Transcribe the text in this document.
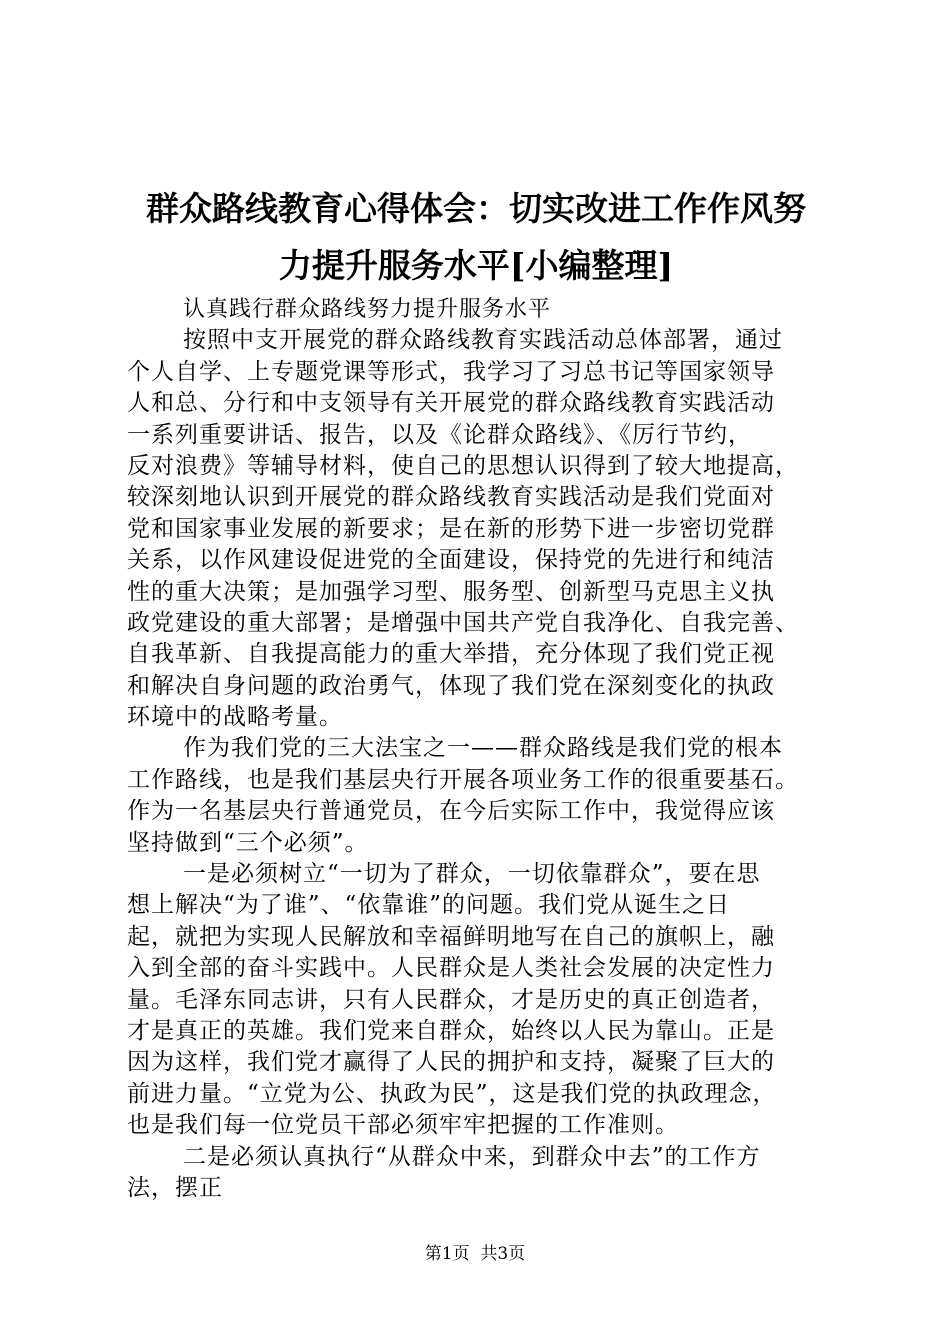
群众路线教育心得体会：切实改进工作作风努
力提升服务水平[小编整理]
认真践行群众路线努力提升服务水平
按照中支开展党的群众路线教育实践活动总体部署，通过
个人自学、上专题党课等形式，我学习了习总书记等国家领导
人和总、分行和中支领导有关开展党的群众路线教育实践活动
一系列重要讲话、报告，以及《论群众路线》、《厉行节约，
反对浪费》等辅导材料，使自己的思想认识得到了较大地提高，
较深刻地认识到开展党的群众路线教育实践活动是我们党面对
党和国家事业发展的新要求；是在新的形势下进一步密切党群
关系，以作风建设促进党的全面建设，保持党的先进行和纯洁
性的重大决策；是加强学习型、服务型、创新型马克思主义执
政党建设的重大部署；是增强中国共产党自我净化、自我完善、
自我革新、自我提高能力的重大举措，充分体现了我们党正视
和解决自身问题的政治勇气，体现了我们党在深刻变化的执政
环境中的战略考量。
作为我们党的三大法宝之一——群众路线是我们党的根本
工作路线，也是我们基层央行开展各项业务工作的很重要基石。
作为一名基层央行普通党员，在今后实际工作中，我觉得应该
坚持做到“三个必须”。
一是必须树立“一切为了群众，一切依靠群众”，要在思
想上解决“为了谁”、“依靠谁”的问题。我们党从诞生之日
起，就把为实现人民解放和幸福鲜明地写在自己的旗帜上，融
入到全部的奋斗实践中。人民群众是人类社会发展的决定性力
量。毛泽东同志讲，只有人民群众，才是历史的真正创造者，
才是真正的英雄。我们党来自群众，始终以人民为靠山。正是
因为这样，我们党才赢得了人民的拥护和支持，凝聚了巨大的
前进力量。“立党为公、执政为民”，这是我们党的执政理念，
也是我们每一位党员干部必须牢牢把握的工作准则。
二是必须认真执行“从群众中来，到群众中去”的工作方
法，摆正
第1页  共3页
